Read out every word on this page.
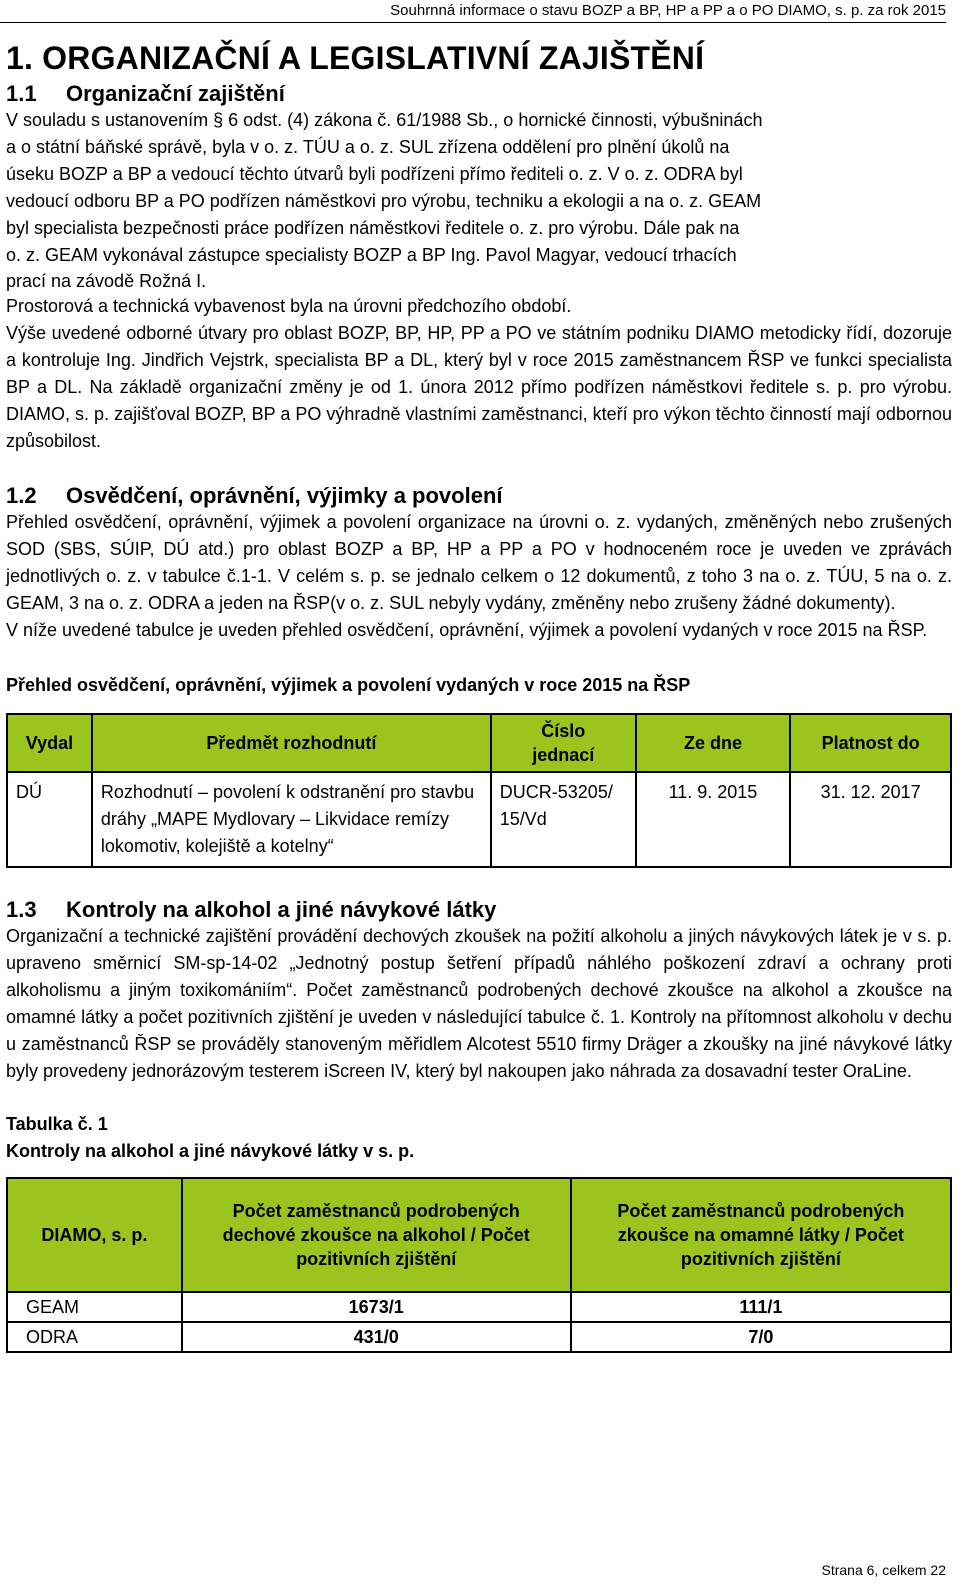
Souhrnná informace o stavu BOZP a BP, HP a PP a o PO DIAMO, s. p. za rok 2015
1. ORGANIZAČNÍ A LEGISLATIVNÍ ZAJIŠTĚNÍ
1.1 Organizační zajištění

V souladu s ustanovením § 6 odst. (4) zákona č. 61/1988 Sb., o hornické činnosti, výbušninách

a o státní báňské správě, byla v o. z. TÚU a o. z. SUL zřízena oddělení pro plnění úkolů na

úseku BOZP a BP a vedoucí těchto útvarů byli podřízeni přímo řediteli o. z. V o. z. ODRA byl

vedoucí odboru BP a PO podřízen náměstkovi pro výrobu, techniku a ekologii a na o. z. GEAM

byl specialista bezpečnosti práce podřízen náměstkovi ředitele o. z. pro výrobu. Dále pak na

o. z. GEAM vykonával zástupce specialisty BOZP a BP Ing. Pavol Magyar, vedoucí trhacích

prací na závodě Rožná I.

Prostorová a technická vybavenost byla na úrovni předchozího období.

Výše uvedené odborné útvary pro oblast BOZP, BP, HP, PP a PO ve státním podniku DIAMO metodicky řídí, dozoruje a kontroluje Ing. Jindřich Vejstrk, specialista BP a DL, který byl v roce 2015 zaměstnancem ŘSP ve funkci specialista BP a DL. Na základě organizační změny je od 1. února 2012 přímo podřízen náměstkovi ředitele s. p. pro výrobu. DIAMO, s. p. zajišťoval BOZP, BP a PO výhradně vlastními zaměstnanci, kteří pro výkon těchto činností mají odbornou způsobilost.

1.2 Osvědčení, oprávnění, výjimky a povolení

Přehled osvědčení, oprávnění, výjimek a povolení organizace na úrovni o. z. vydaných, změněných nebo zrušených SOD (SBS, SÚIP, DÚ atd.) pro oblast BOZP a BP, HP a PP a PO v hodnoceném roce je uveden ve zprávách jednotlivých o. z. v tabulce č.1-1. V celém s. p. se jednalo celkem o 12 dokumentů, z toho 3 na o. z. TÚU, 5 na o. z. GEAM, 3 na o. z. ODRA a jeden na ŘSP(v o. z. SUL nebyly vydány, změněny nebo zrušeny žádné dokumenty).

V níže uvedené tabulce je uveden přehled osvědčení, oprávnění, výjimek a povolení vydaných v roce 2015 na ŘSP.

Přehled osvědčení, oprávnění, výjimek a povolení vydaných v roce 2015 na ŘSP

Vydal	Předmět rozhodnutí	Číslo jednací	Ze dne	Platnost do
DÚ	Rozhodnutí – povolení k odstranění pro stavbu dráhy „MAPE Mydlovary – Likvidace remízy lokomotiv, kolejiště a kotelny“	DUCR-53205/15/Vd	11. 9. 2015	31. 12. 2017
1.3 Kontroly na alkohol a jiné návykové látky

Organizační a technické zajištění provádění dechových zkoušek na požití alkoholu a jiných návykových látek je v s. p. upraveno směrnicí SM-sp-14-02 „Jednotný postup šetření případů náhlého poškození zdraví a ochrany proti alkoholismu a jiným toxikomániím“. Počet zaměstnanců podrobených dechové zkoušce na alkohol a zkoušce na omamné látky a počet pozitivních zjištění je uveden v následující tabulce č. 1. Kontroly na přítomnost alkoholu v dechu u zaměstnanců ŘSP se prováděly stanoveným měřidlem Alcotest 5510 firmy Dräger a zkoušky na jiné návykové látky byly provedeny jednorázovým testerem iScreen IV, který byl nakoupen jako náhrada za dosavadní tester OraLine.

Tabulka č. 1

Kontroly na alkohol a jiné návykové látky v s. p.

DIAMO, s. p.	Počet zaměstnanců podrobených dechové zkoušce na alkohol / Počet pozitivních zjištění	Počet zaměstnanců podrobených zkoušce na omamné látky / Počet pozitivních zjištění
GEAM	1673/1	111/1
ODRA	431/0	7/0
Strana 6, celkem 22
